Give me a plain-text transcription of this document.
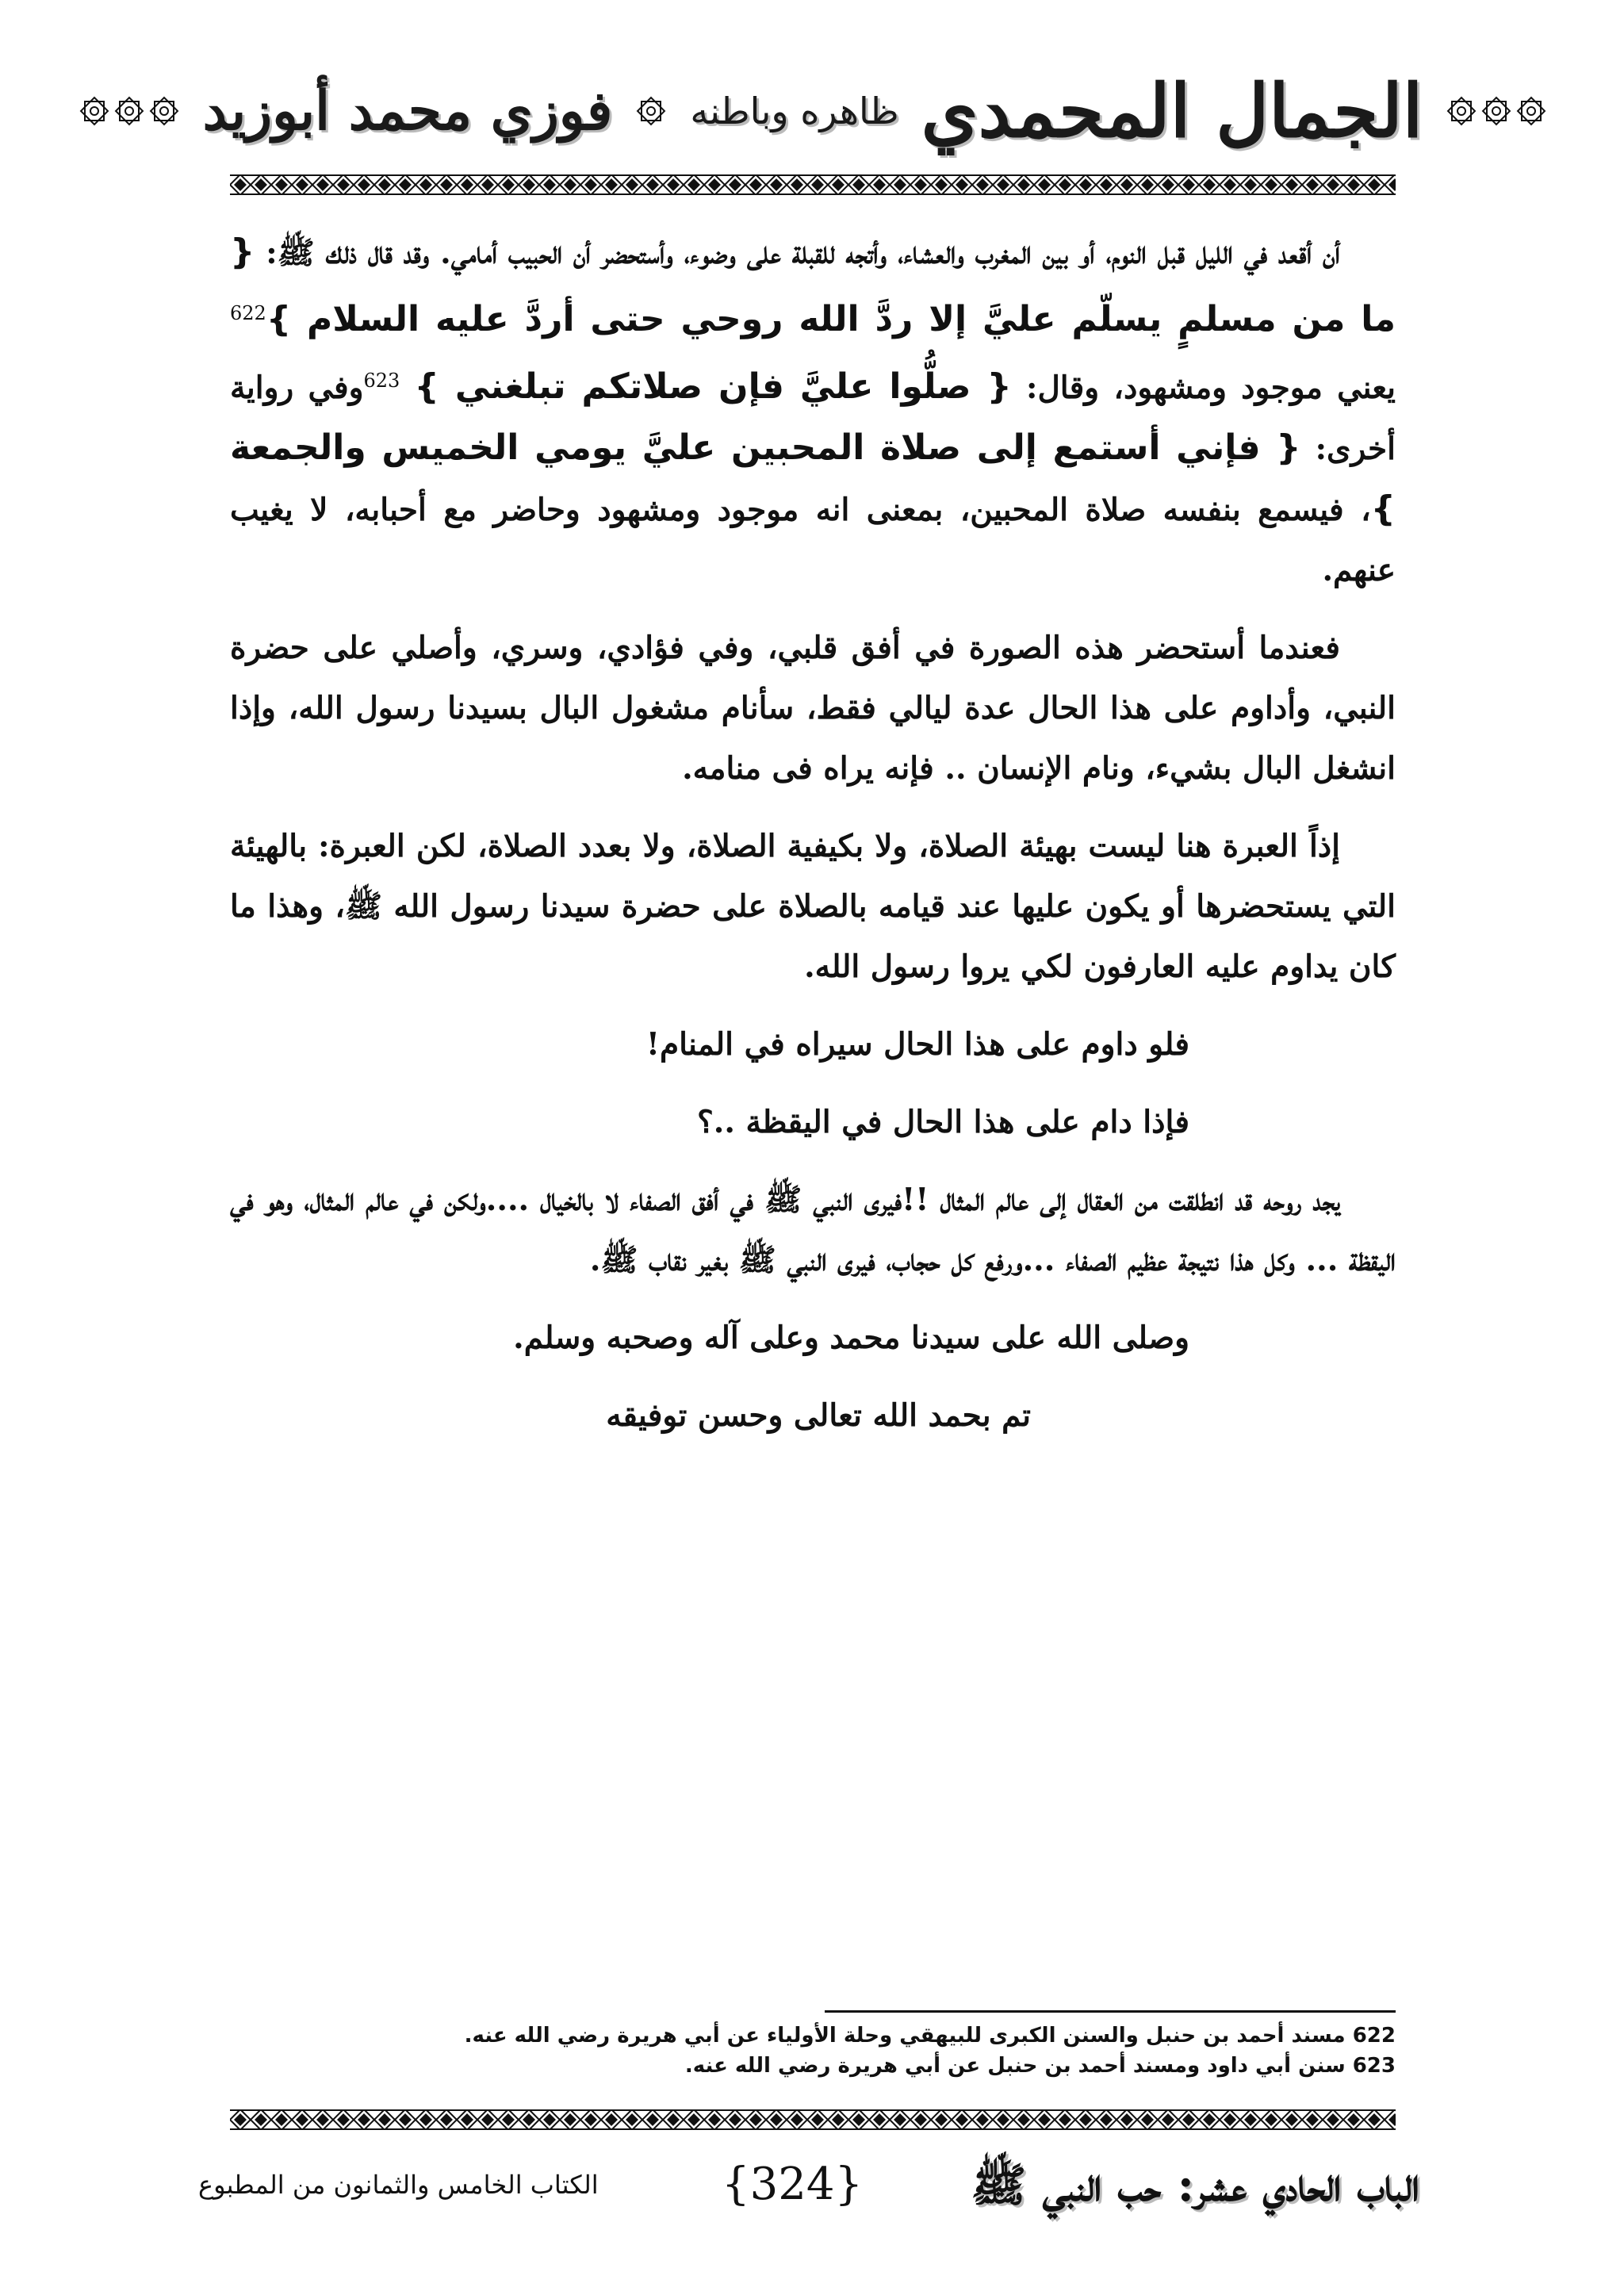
الجمال المحمدي
ظاهره وباطنه
فوزي محمد أبوزيد

أن أقعد في الليل قبل النوم، أو بين المغرب والعشاء، وأتجه للقبلة على وضوء، وأستحضر أن الحبيب أمامي. وقد قال ذلك ﷺ: { ما من مسلمٍ يسلّم عليَّ إلا ردَّ الله روحي حتى أردَّ عليه السلام }$^{622}$ يعني موجود ومشهود، وقال: { صلُّوا عليَّ فإن صلاتكم تبلغني } $^{623}$وفي رواية أخرى: { فإني أستمع إلى صلاة المحبين عليَّ يومي الخميس والجمعة }، فيسمع بنفسه صلاة المحبين، بمعنى انه موجود ومشهود وحاضر مع أحبابه، لا يغيب عنهم.

فعندما أستحضر هذه الصورة في أفق قلبي، وفي فؤادي، وسري، وأصلي على حضرة النبي، وأداوم على هذا الحال عدة ليالي فقط، سأنام مشغول البال بسيدنا رسول الله، وإذا انشغل البال بشيء، ونام الإنسان .. فإنه يراه فى منامه.

إذاً العبرة هنا ليست بهيئة الصلاة، ولا بكيفية الصلاة، ولا بعدد الصلاة، لكن العبرة: بالهيئة التي يستحضرها أو يكون عليها عند قيامه بالصلاة على حضرة سيدنا رسول الله ﷺ، وهذا ما كان يداوم عليه العارفون لكي يروا رسول الله.

فلو داوم على هذا الحال سيراه في المنام!

فإذا دام على هذا الحال في اليقظة ..؟

يجد روحه قد انطلقت من العقال إلى عالم المثال !!فيرى النبي ﷺ في أفق الصفاء لا بالخيال ....ولكن في عالم المثال، وهو في اليقظة ... وكل هذا نتيجة عظيم الصفاء ...ورفع كل حجاب، فيرى النبي ﷺ بغير نقاب ﷺ.

وصلى الله على سيدنا محمد وعلى آله وصحبه وسلم.

تم بحمد الله تعالى وحسن توفيقه

622 مسند أحمد بن حنبل والسنن الكبرى للبيهقي وحلة الأولياء عن أبي هريرة رضي الله عنه.
623 سنن أبي داود ومسند أحمد بن حنبل عن أبي هريرة رضي الله عنه.
الباب الحادي عشر: حب النبي ﷺ
{324}
الكتاب الخامس والثمانون من المطبوع
